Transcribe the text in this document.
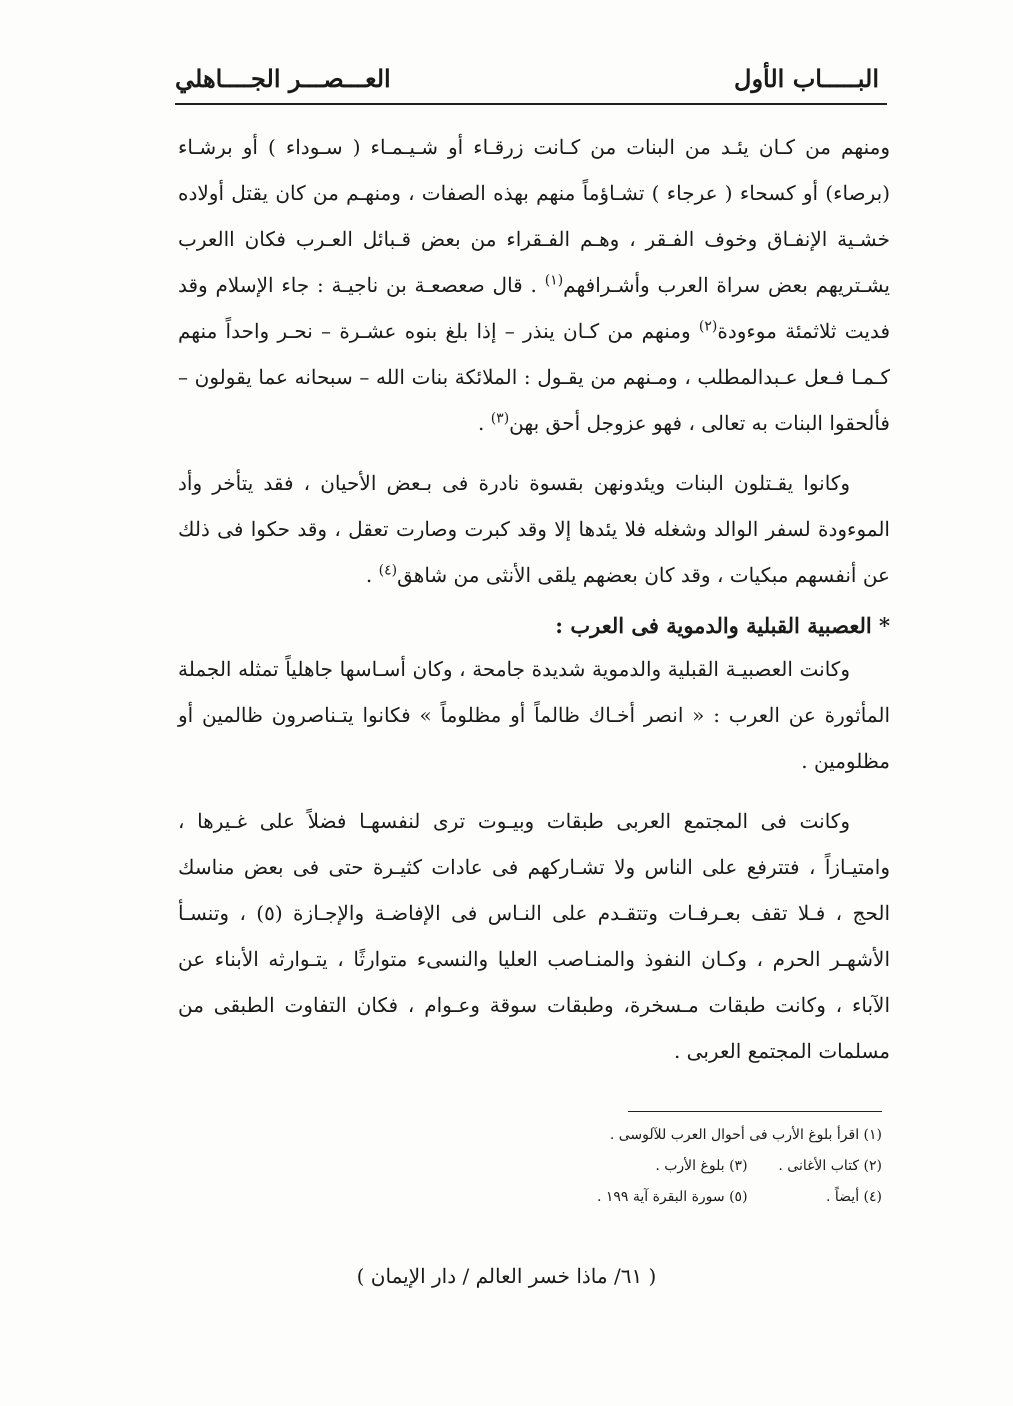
البـــــاب الأول
العـــصـــر الجــــاهلي

ومنهم من كـان يئـد من البنات من كـانت زرقـاء أو شـيـمـاء ( سـوداء ) أو برشـاء (برصاء) أو كسحاء ( عرجاء ) تشـاؤماً منهم بهذه الصفات ، ومنهـم من كان يقتل أولاده خشـية الإنفـاق وخوف الفـقر ، وهـم الفـقراء من بعض قـبائل العـرب فكان االعرب يشـتريهم بعض سراة العرب وأشـرافهم$^{(١)}$ . قال صعصعـة بن ناجيـة : جاء الإسلام وقد فديت ثلاثمئة موءودة$^{(٢)}$ ومنهم من كـان ينذر – إذا بلغ بنوه عشـرة – نحـر واحداً منهم كـمـا فـعل عـبدالمطلب ، ومـنهم من يقـول : الملائكة بنات الله – سبحانه عما يقولون – فألحقوا البنات به تعالى ، فهو عزوجل أحق بهن$^{(٣)}$ .

وكانوا يقـتلون البنات ويئدونهن بقسوة نادرة فى بـعض الأحيان ، فقد يتأخر وأد الموءودة لسفر الوالد وشغله فلا يئدها إلا وقد كبرت وصارت تعقل ، وقد حكوا فى ذلك عن أنفسهم مبكيات ، وقد كان بعضهم يلقى الأنثى من شاهق$^{(٤)}$ .

* العصبية القبلية والدموية فى العرب :

وكانت العصبيـة القبلية والدموية شديدة جامحة ، وكان أسـاسها جاهلياً تمثله الجملة المأثورة عن العرب : « انصر أخـاك ظالماً أو مظلوماً » فكانوا يتـناصرون ظالمين أو مظلومين .

وكانت فى المجتمع العربى طبقات وبيـوت ترى لنفسهـا فضلاً على غـيرها ، وامتيـازاً ، فتترفع على الناس ولا تشـاركهم فى عادات كثيـرة حتى فى بعض مناسك الحج ، فـلا تقف بعـرفـات وتتقـدم على النـاس فى الإفاضـة والإجـازة (٥) ، وتنسـأ الأشهـر الحرم ، وكـان النفوذ والمنـاصب العليا والنسىء متوارثًا ، يتـوارثه الأبناء عن الآباء ، وكانت طبقات مـسخرة، وطبقات سوقة وعـوام ، فكان التفاوت الطبقى من مسلمات المجتمع العربى .

(١) اقرأ بلوغ الأرب فى أحوال العرب للآلوسى .
(٢) كتاب الأغانى . (٣) بلوغ الأرب .
(٤) أيضاً . (٥) سورة البقرة آية ١٩٩ .
( ٦١/ ماذا خسر العالم / دار الإيمان )
